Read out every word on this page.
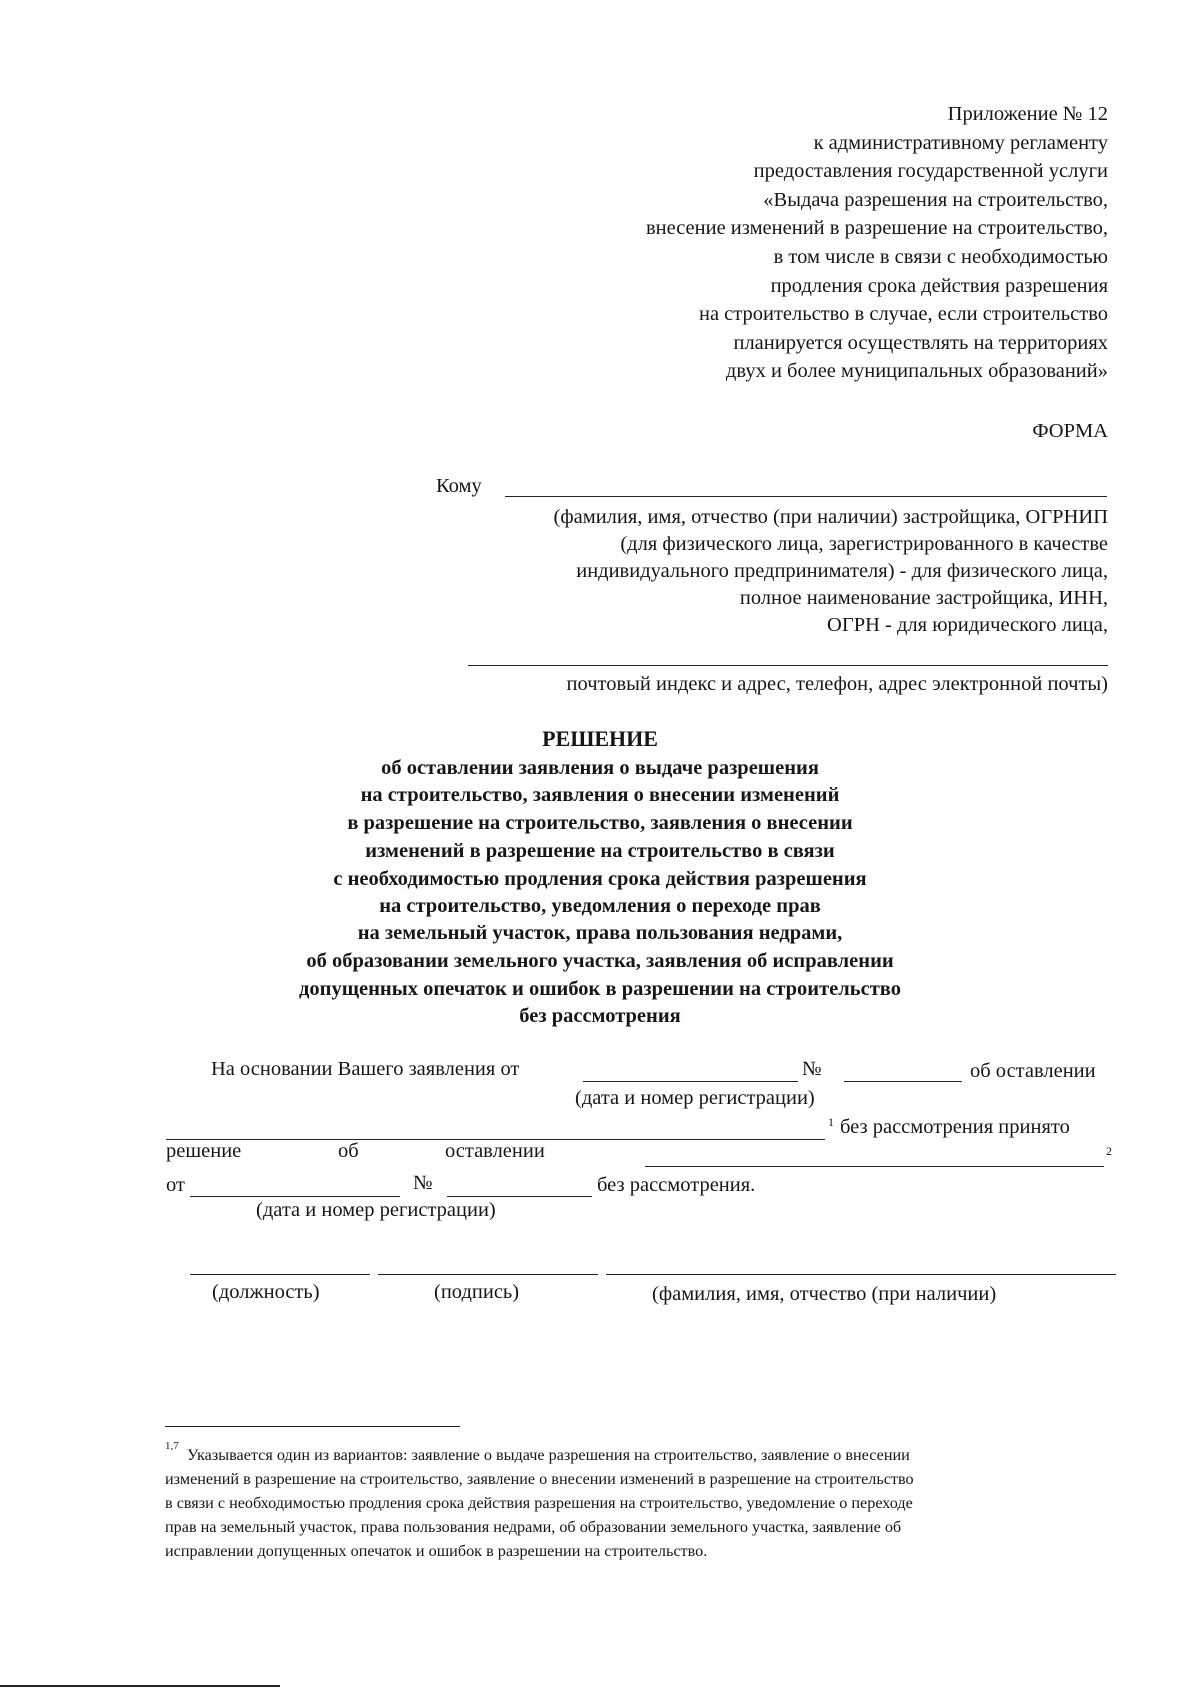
Приложение № 12
к административному регламенту
предоставления государственной услуги
«Выдача разрешения на строительство,
внесение изменений в разрешение на строительство,
в том числе в связи с необходимостью
продления срока действия разрешения
на строительство в случае, если строительство
планируется осуществлять на территориях
двух и более муниципальных образований»
ФОРМА
Кому
(фамилия, имя, отчество (при наличии) застройщика, ОГРНИП
(для физического лица, зарегистрированного в качестве
индивидуального предпринимателя) - для физического лица,
полное наименование застройщика, ИНН,
ОГРН - для юридического лица,
почтовый индекс и адрес, телефон, адрес электронной почты)
РЕШЕНИЕ
об оставлении заявления о выдаче разрешения
на строительство, заявления о внесении изменений
в разрешение на строительство, заявления о внесении
изменений в разрешение на строительство в связи
с необходимостью продления срока действия разрешения
на строительство, уведомления о переходе прав
на земельный участок, права пользования недрами,
об образовании земельного участка, заявления об исправлении
допущенных опечаток и ошибок в разрешении на строительство
без рассмотрения
На основании Вашего заявления от	№	об оставлении
(дата и номер регистрации)
1 без рассмотрения принято
решение	об	оставлении	2
от	№	без рассмотрения.
(дата и номер регистрации)
(должность)	(подпись)	(фамилия, имя, отчество (при наличии)
1,7 Указывается один из вариантов: заявление о выдаче разрешения на строительство, заявление о внесении
изменений в разрешение на строительство, заявление о внесении изменений в разрешение на строительство
в связи с необходимостью продления срока действия разрешения на строительство, уведомление о переходе
прав на земельный участок, права пользования недрами, об образовании земельного участка, заявление об
исправлении допущенных опечаток и ошибок в разрешении на строительство.
